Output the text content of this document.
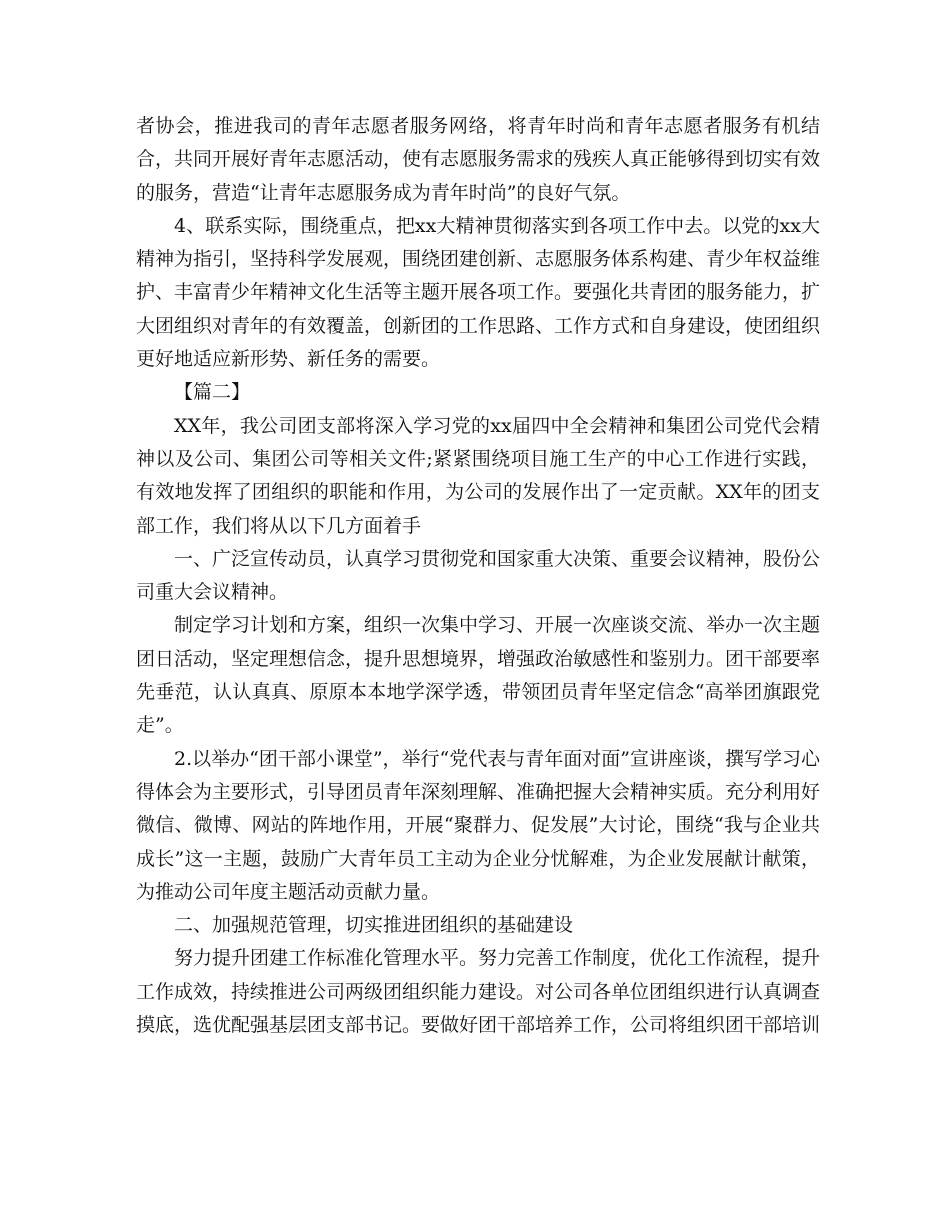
者协会，推进我司的青年志愿者服务网络，将青年时尚和青年志愿者服务有机结合，共同开展好青年志愿活动，使有志愿服务需求的残疾人真正能够得到切实有效的服务，营造“让青年志愿服务成为青年时尚”的良好气氛。

4、联系实际，围绕重点，把xx大精神贯彻落实到各项工作中去。以党的xx大精神为指引，坚持科学发展观，围绕团建创新、志愿服务体系构建、青少年权益维护、丰富青少年精神文化生活等主题开展各项工作。要强化共青团的服务能力，扩大团组织对青年的有效覆盖，创新团的工作思路、工作方式和自身建设，使团组织更好地适应新形势、新任务的需要。

【篇二】

XX年，我公司团支部将深入学习党的xx届四中全会精神和集团公司党代会精神以及公司、集团公司等相关文件;紧紧围绕项目施工生产的中心工作进行实践，有效地发挥了团组织的职能和作用，为公司的发展作出了一定贡献。XX年的团支部工作，我们将从以下几方面着手

一、广泛宣传动员，认真学习贯彻党和国家重大决策、重要会议精神，股份公司重大会议精神。

制定学习计划和方案，组织一次集中学习、开展一次座谈交流、举办一次主题团日活动，坚定理想信念，提升思想境界，增强政治敏感性和鉴别力。团干部要率先垂范，认认真真、原原本本地学深学透，带领团员青年坚定信念“高举团旗跟党走”。

2.以举办“团干部小课堂”，举行“党代表与青年面对面”宣讲座谈，撰写学习心得体会为主要形式，引导团员青年深刻理解、准确把握大会精神实质。充分利用好微信、微博、网站的阵地作用，开展“聚群力、促发展”大讨论，围绕“我与企业共成长”这一主题，鼓励广大青年员工主动为企业分忧解难，为企业发展献计献策，为推动公司年度主题活动贡献力量。

二、加强规范管理，切实推进团组织的基础建设

努力提升团建工作标准化管理水平。努力完善工作制度，优化工作流程，提升工作成效，持续推进公司两级团组织能力建设。对公司各单位团组织进行认真调查摸底，选优配强基层团支部书记。要做好团干部培养工作，公司将组织团干部培训
